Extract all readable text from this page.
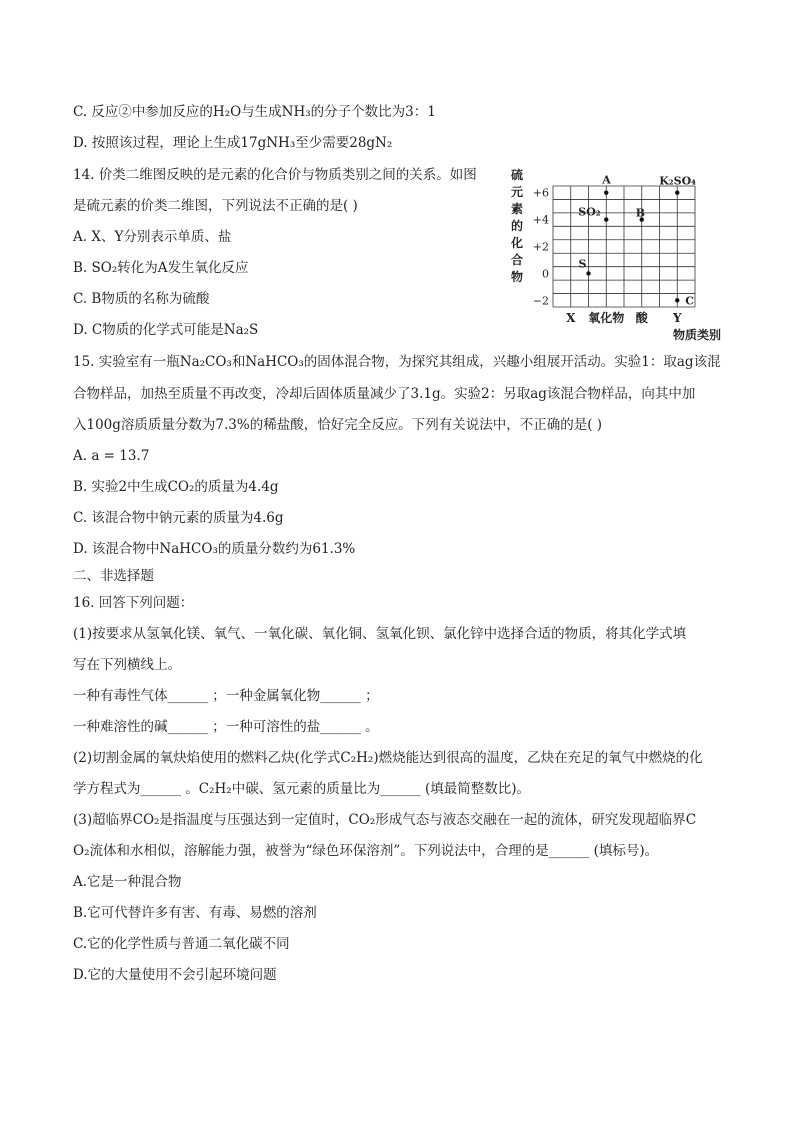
C. 反应②中参加反应的H₂O与生成NH₃的分子个数比为3：1
D. 按照该过程，理论上生成17gNH₃至少需要28gN₂
14. 价类二维图反映的是元素的化合价与物质类别之间的关系。如图
是硫元素的价类二维图，下列说法不正确的是( )
A. X、Y分别表示单质、盐
B. SO₂转化为A发生氧化反应
C. B物质的名称为硫酸
D. C物质的化学式可能是Na₂S
15. 实验室有一瓶Na₂CO₃和NaHCO₃的固体混合物，为探究其组成，兴趣小组展开活动。实验1：取ag该混
合物样品，加热至质量不再改变，冷却后固体质量减少了3.1g。实验2：另取ag该混合物样品，向其中加
入100g溶质质量分数为7.3%的稀盐酸，恰好完全反应。下列有关说法中，不正确的是( )
A. a = 13.7
B. 实验2中生成CO₂的质量为4.4g
C. 该混合物中钠元素的质量为4.6g
D. 该混合物中NaHCO₃的质量分数约为61.3%
二、非选择题
16. 回答下列问题：
(1)按要求从氢氧化镁、氧气、一氧化碳、氧化铜、氢氧化钡、氯化锌中选择合适的物质，将其化学式填
写在下列横线上。
一种有毒性气体______ ；一种金属氧化物______ ；
一种难溶性的碱______ ；一种可溶性的盐______ 。
(2)切割金属的氧炔焰使用的燃料乙炔(化学式C₂H₂)燃烧能达到很高的温度，乙炔在充足的氧气中燃烧的化
学方程式为______ 。C₂H₂中碳、氢元素的质量比为______ (填最简整数比)。
(3)超临界CO₂是指温度与压强达到一定值时，CO₂形成气态与液态交融在一起的流体，研究发现超临界C
O₂流体和水相似，溶解能力强，被誉为“绿色环保溶剂”。下列说法中，合理的是______ (填标号)。
A.它是一种混合物
B.它可代替许多有害、有毒、易燃的溶剂
C.它的化学性质与普通二氧化碳不同
D.它的大量使用不会引起环境问题
+6
+4
+2
0
−2
硫
元
素
的
化
合
物
X 氧化物 酸 Y
物质类别
S
SO₂
A
B
K₂SO₄
C
